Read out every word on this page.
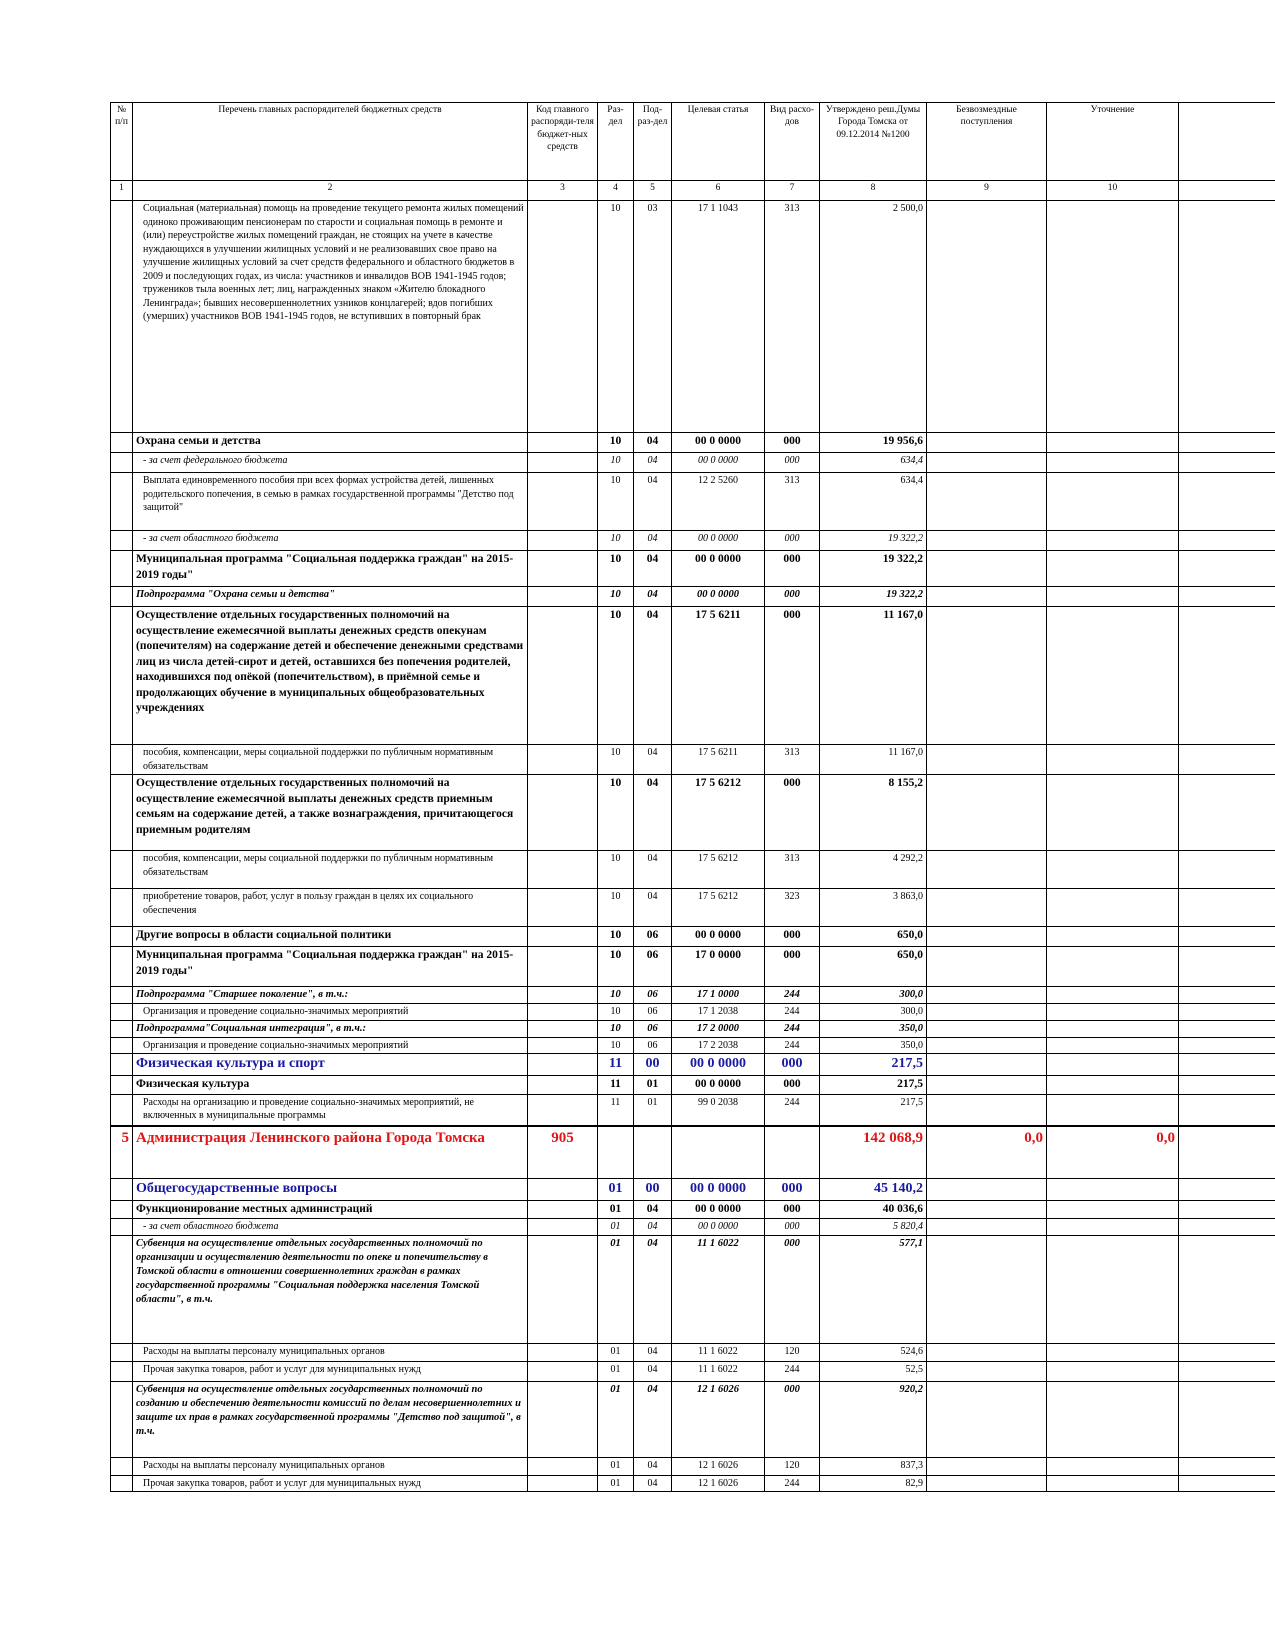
№ п/п	Перечень главных распорядителей бюджетных средств	Код главного распоряди-теля бюджет-ных средств	Раз-дел	Под-раз-дел	Целевая статья	Вид расхо-дов	Утверждено реш.Думы Города Томска от 09.12.2014 №1200	Безвозмездные поступления	Уточнение	
1	2	3	4	5	6	7	8	9	10	
	Социальная (материальная) помощь на проведение текущего ремонта жилых помещений одиноко проживающим пенсионерам по старости и социальная помощь в ремонте и (или) переустройстве жилых помещений граждан, не стоящих на учете в качестве нуждающихся в улучшении жилищных условий и не реализовавших свое право на улучшение жилищных условий за счет средств федерального и областного бюджетов в 2009 и последующих годах, из числа: участников и инвалидов ВОВ 1941-1945 годов; тружеников тыла военных лет; лиц, награжденных знаком «Жителю блокадного Ленинграда»; бывших несовершеннолетних узников концлагерей; вдов погибших (умерших) участников ВОВ 1941-1945 годов, не вступивших в повторный брак		10	03	17 1 1043	313	2 500,0			
	Охрана семьи и детства		10	04	00 0 0000	000	19 956,6			
	- за счет федерального бюджета		10	04	00 0 0000	000	634,4			
	Выплата единовременного пособия при всех формах устройства детей, лишенных родительского попечения, в семью в рамках государственной программы "Детство под защитой"		10	04	12 2 5260	313	634,4			
	- за счет областного бюджета		10	04	00 0 0000	000	19 322,2			
	Муниципальная программа "Социальная поддержка граждан" на 2015-2019 годы"		10	04	00 0 0000	000	19 322,2			
	Подпрограмма "Охрана семьи и детства"		10	04	00 0 0000	000	19 322,2			
	Осуществление отдельных государственных полномочий на осуществление ежемесячной выплаты денежных средств опекунам (попечителям) на содержание детей и обеспечение денежными средствами лиц из числа детей-сирот и детей, оставшихся без попечения родителей, находившихся под опёкой (попечительством), в приёмной семье и продолжающих обучение в муниципальных общеобразовательных учреждениях		10	04	17 5 6211	000	11 167,0			
	пособия, компенсации, меры социальной поддержки по публичным нормативным обязательствам		10	04	17 5 6211	313	11 167,0			
	Осуществление отдельных государственных полномочий на осуществление ежемесячной выплаты денежных средств приемным семьям на содержание детей, а также вознаграждения, причитающегося приемным родителям		10	04	17 5 6212	000	8 155,2			
	пособия, компенсации, меры социальной поддержки по публичным нормативным обязательствам		10	04	17 5 6212	313	4 292,2			
	приобретение товаров, работ, услуг в пользу граждан в целях их социального обеспечения		10	04	17 5 6212	323	3 863,0			
	Другие вопросы в области социальной политики		10	06	00 0 0000	000	650,0			
	Муниципальная программа "Социальная поддержка граждан" на 2015-2019 годы"		10	06	17 0 0000	000	650,0			
	Подпрограмма "Старшее поколение", в т.ч.:		10	06	17 1 0000	244	300,0			
	Организация и проведение социально-значимых мероприятий		10	06	17 1 2038	244	300,0			
	Подпрограмма"Социальная интеграция", в т.ч.:		10	06	17 2 0000	244	350,0			
	Организация и проведение социально-значимых мероприятий		10	06	17 2 2038	244	350,0			
	Физическая культура и спорт		11	00	00 0 0000	000	217,5			
	Физическая культура		11	01	00 0 0000	000	217,5			
	Расходы на организацию и проведение социально-значимых мероприятий, не включенных в муниципальные программы		11	01	99 0 2038	244	217,5			
5	Администрация Ленинского района Города Томска	905					142 068,9	0,0	0,0	
	Общегосударственные вопросы		01	00	00 0 0000	000	45 140,2			
	Функционирование местных администраций		01	04	00 0 0000	000	40 036,6			
	- за счет областного бюджета		01	04	00 0 0000	000	5 820,4			
	Субвенция на осуществление отдельных государственных полномочий по организации и осуществлению деятельности по опеке и попечительству в Томской области в отношении совершеннолетних граждан в рамках государственной программы "Социальная поддержка населения Томской области", в т.ч.		01	04	11 1 6022	000	577,1			
	Расходы на выплаты персоналу муниципальных органов		01	04	11 1 6022	120	524,6			
	Прочая закупка товаров, работ и услуг для муниципальных нужд		01	04	11 1 6022	244	52,5			
	Субвенция на осуществление отдельных государственных полномочий по созданию и обеспечению деятельности комиссий по делам несовершеннолетних и защите их прав в рамках государственной программы "Детство под защитой", в т.ч.		01	04	12 1 6026	000	920,2			
	Расходы на выплаты персоналу муниципальных органов		01	04	12 1 6026	120	837,3			
	Прочая закупка товаров, работ и услуг для муниципальных нужд		01	04	12 1 6026	244	82,9			
